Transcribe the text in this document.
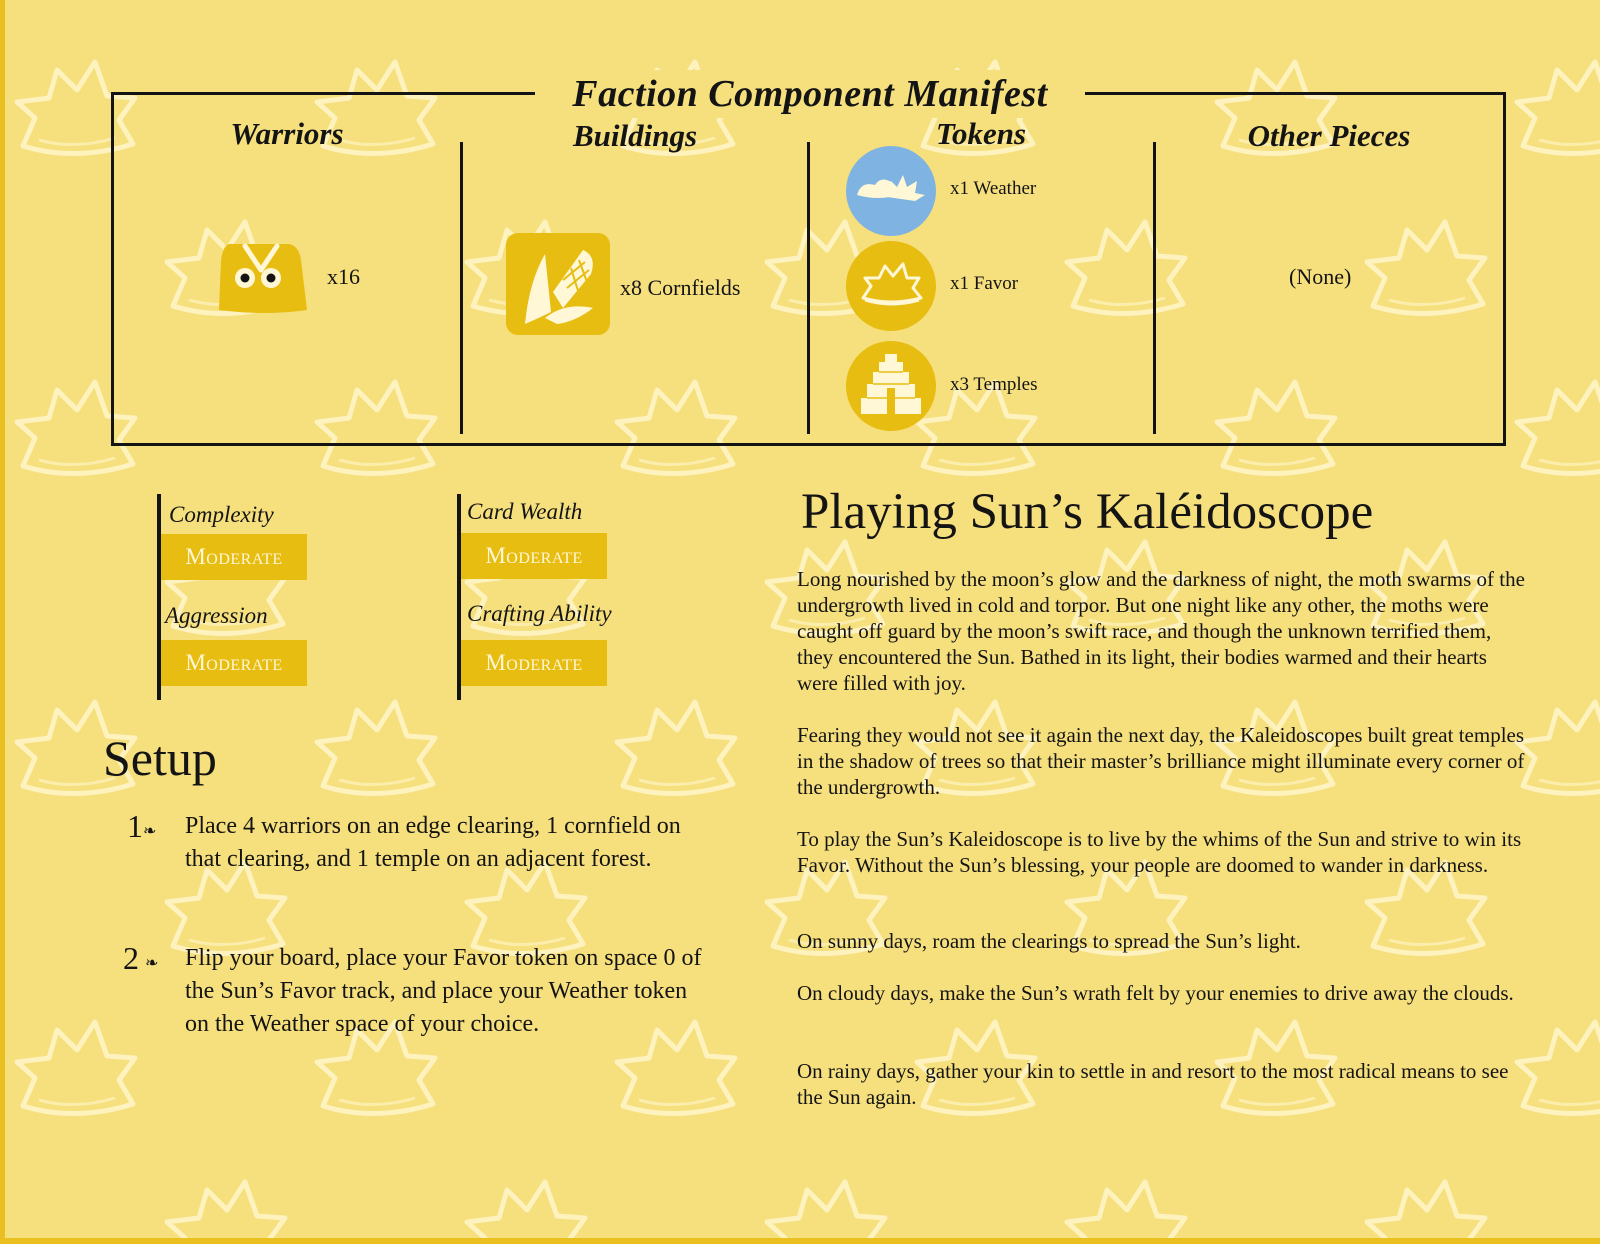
Faction Component Manifest
Warriors
x16
Buildings
x8 Cornfields
Tokens
x1 Weather
x1 Favor
x3 Temples
Other Pieces
(None)
Complexity
Moderate
Card Wealth
Moderate
Aggression
Moderate
Crafting Ability
Moderate
Setup
1 ❧ Place 4 warriors on an edge clearing, 1 cornfield on that clearing, and 1 temple on an adjacent forest.
2 ❧ Flip your board, place your Favor token on space 0 of the Sun’s Favor track, and place your Weather token on the Weather space of your choice.
Playing Sun’s Kaléidoscope

Long nourished by the moon’s glow and the darkness of night, the moth swarms of the undergrowth lived in cold and torpor. But one night like any other, the moths were caught off guard by the moon’s swift race, and though the unknown terrified them, they encountered the Sun. Bathed in its light, their bodies warmed and their hearts were filled with joy.

Fearing they would not see it again the next day, the Kaleidoscopes built great temples in the shadow of trees so that their master’s brilliance might illuminate every corner of the undergrowth.

To play the Sun’s Kaleidoscope is to live by the whims of the Sun and strive to win its Favor. Without the Sun’s blessing, your people are doomed to wander in darkness.

On sunny days, roam the clearings to spread the Sun’s light.

On cloudy days, make the Sun’s wrath felt by your enemies to drive away the clouds.

On rainy days, gather your kin to settle in and resort to the most radical means to see the Sun again.
